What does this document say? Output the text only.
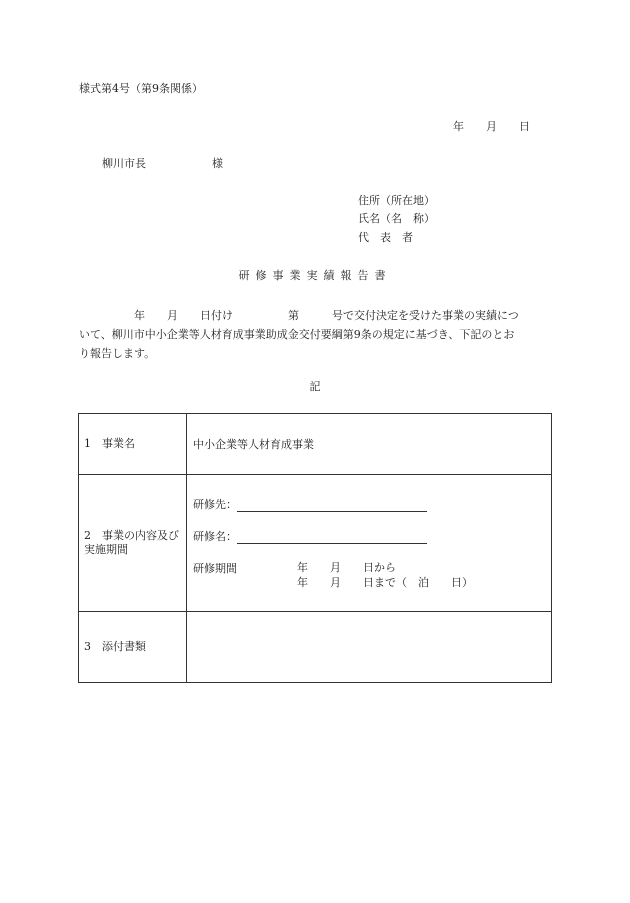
様式第4号（第9条関係）
年　　月　　日
柳川市長	様
住所（所在地）
氏名（名　称）
代　表　者
研修事業実績報告書

　　　　　年　　月　　日付け　　　　　第　　　号で交付決定を受けた事業の実績につ

いて、柳川市中小企業等人材育成事業助成金交付要綱第9条の規定に基づき、下記のとお

り報告します。

記
1　事業名	中小企業等人材育成事業
2　事業の内容及び実施期間	研修先：
研修名：
研修期間 年　　月　　日から
年　　月　　日まで（　泊　　日）

3　添付書類	
